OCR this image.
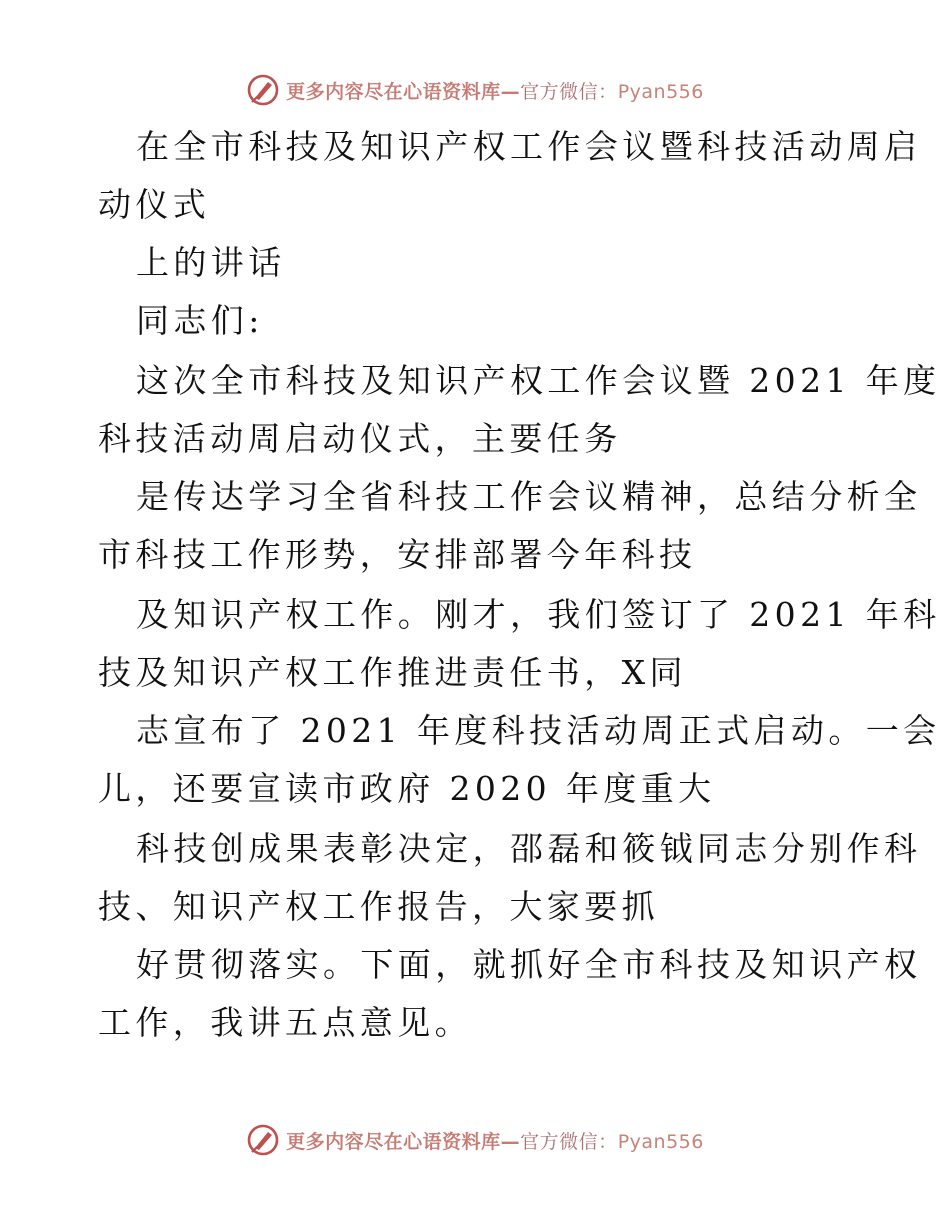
更多内容尽在心语资料库—官方微信：Pyan556
在全市科技及知识产权工作会议暨科技活动周启
动仪式
上的讲话
同志们:
这次全市科技及知识产权工作会议暨 2021 年度
科技活动周启动仪式，主要任务
是传达学习全省科技工作会议精神，总结分析全
市科技工作形势，安排部署今年科技
及知识产权工作。刚才，我们签订了 2021 年科
技及知识产权工作推进责任书，X同
志宣布了 2021 年度科技活动周正式启动。一会
儿，还要宣读市政府 2020 年度重大
科技创成果表彰决定，邵磊和筱钺同志分别作科
技、知识产权工作报告，大家要抓
好贯彻落实。下面，就抓好全市科技及知识产权
工作，我讲五点意见。
更多内容尽在心语资料库—官方微信：Pyan556
